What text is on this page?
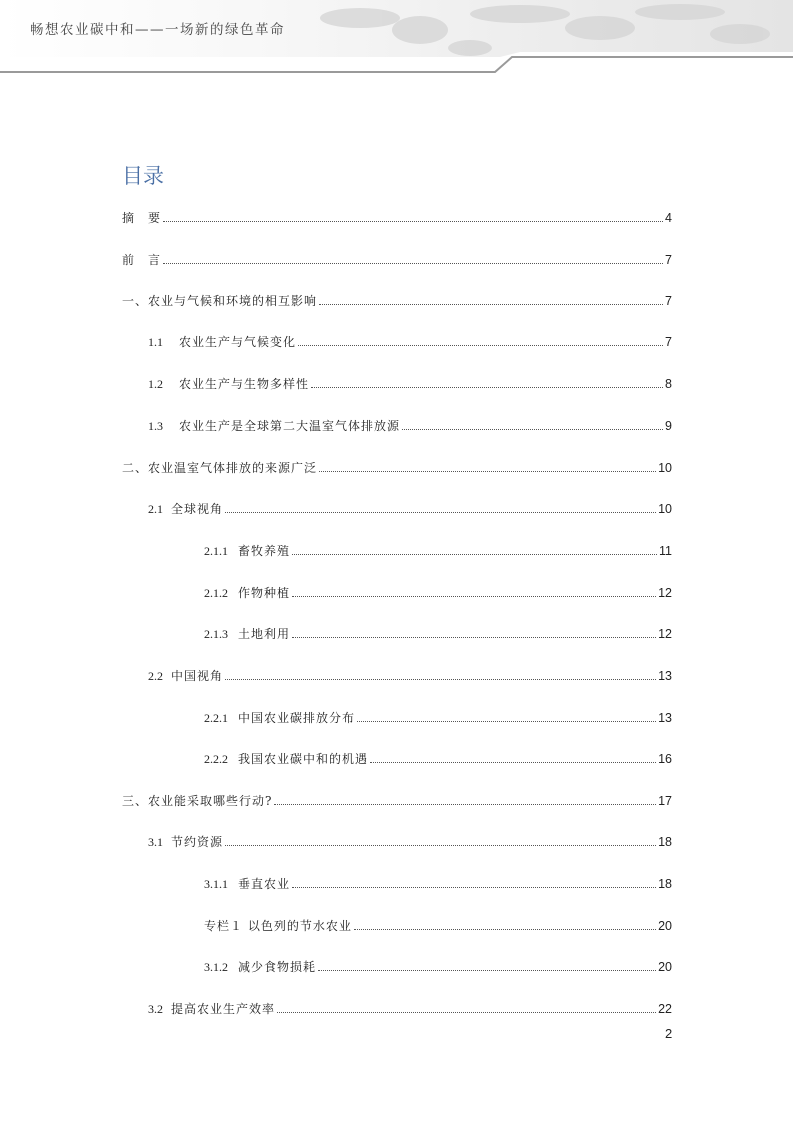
畅想农业碳中和——一场新的绿色革命
目录
摘　要	4
前　言	7
一、农业与气候和环境的相互影响	7
1.1 农业生产与气候变化	7
1.2 农业生产与生物多样性	8
1.3 农业生产是全球第二大温室气体排放源	9
二、农业温室气体排放的来源广泛	10
2.1 全球视角	10
2.1.1 畜牧养殖	11
2.1.2 作物种植	12
2.1.3 土地利用	12
2.2 中国视角	13
2.2.1 中国农业碳排放分布	13
2.2.2 我国农业碳中和的机遇	16
三、农业能采取哪些行动?	17
3.1 节约资源	18
3.1.1 垂直农业	18
专栏１ 以色列的节水农业	20
3.1.2 减少食物损耗	20
3.2 提高农业生产效率	22
2
